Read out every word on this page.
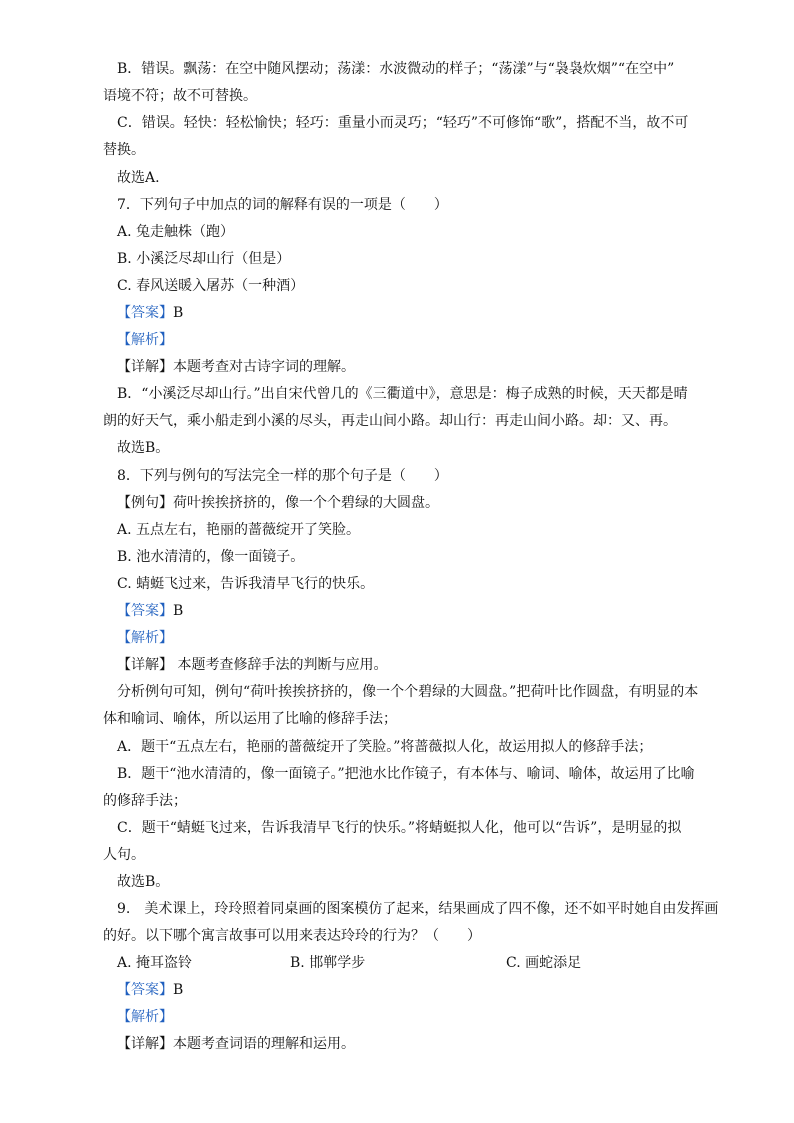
B．错误。飘荡：在空中随风摆动；荡漾：水波微动的样子；“荡漾”与“袅袅炊烟”“在空中”
语境不符；故不可替换。
C．错误。轻快：轻松愉快；轻巧：重量小而灵巧；“轻巧”不可修饰“歌”，搭配不当，故不可
替换。
故选A.
7．下列句子中加点的词的解释有误的一项是（　　）
A. 兔走触株（跑）
B. 小溪泛尽却山行（但是）
C. 春风送暖入屠苏（一种酒）
【答案】B
【解析】
【详解】本题考查对古诗字词的理解。
B．“小溪泛尽却山行。”出自宋代曾几的《三衢道中》，意思是：梅子成熟的时候，天天都是晴
朗的好天气，乘小船走到小溪的尽头，再走山间小路。却山行：再走山间小路。却：又、再。
故选B。
8．下列与例句的写法完全一样的那个句子是（　　）
【例句】荷叶挨挨挤挤的，像一个个碧绿的大圆盘。
A. 五点左右，艳丽的蔷薇绽开了笑脸。
B. 池水清清的，像一面镜子。
C. 蜻蜓飞过来，告诉我清早飞行的快乐。
【答案】B
【解析】
【详解】 本题考查修辞手法的判断与应用。
分析例句可知，例句“荷叶挨挨挤挤的，像一个个碧绿的大圆盘。”把荷叶比作圆盘，有明显的本
体和喻词、喻体，所以运用了比喻的修辞手法；
A．题干“五点左右，艳丽的蔷薇绽开了笑脸。”将蔷薇拟人化，故运用拟人的修辞手法；
B．题干“池水清清的，像一面镜子。”把池水比作镜子，有本体与、喻词、喻体，故运用了比喻
的修辞手法；
C．题干“蜻蜓飞过来，告诉我清早飞行的快乐。”将蜻蜓拟人化，他可以“告诉”，是明显的拟
人句。
故选B。
9.　美术课上，玲玲照着同桌画的图案模仿了起来，结果画成了四不像，还不如平时她自由发挥画
的好。以下哪个寓言故事可以用来表达玲玲的行为？（　　）
A. 掩耳盗铃	B. 邯郸学步	C. 画蛇添足
【答案】B
【解析】
【详解】本题考查词语的理解和运用。
